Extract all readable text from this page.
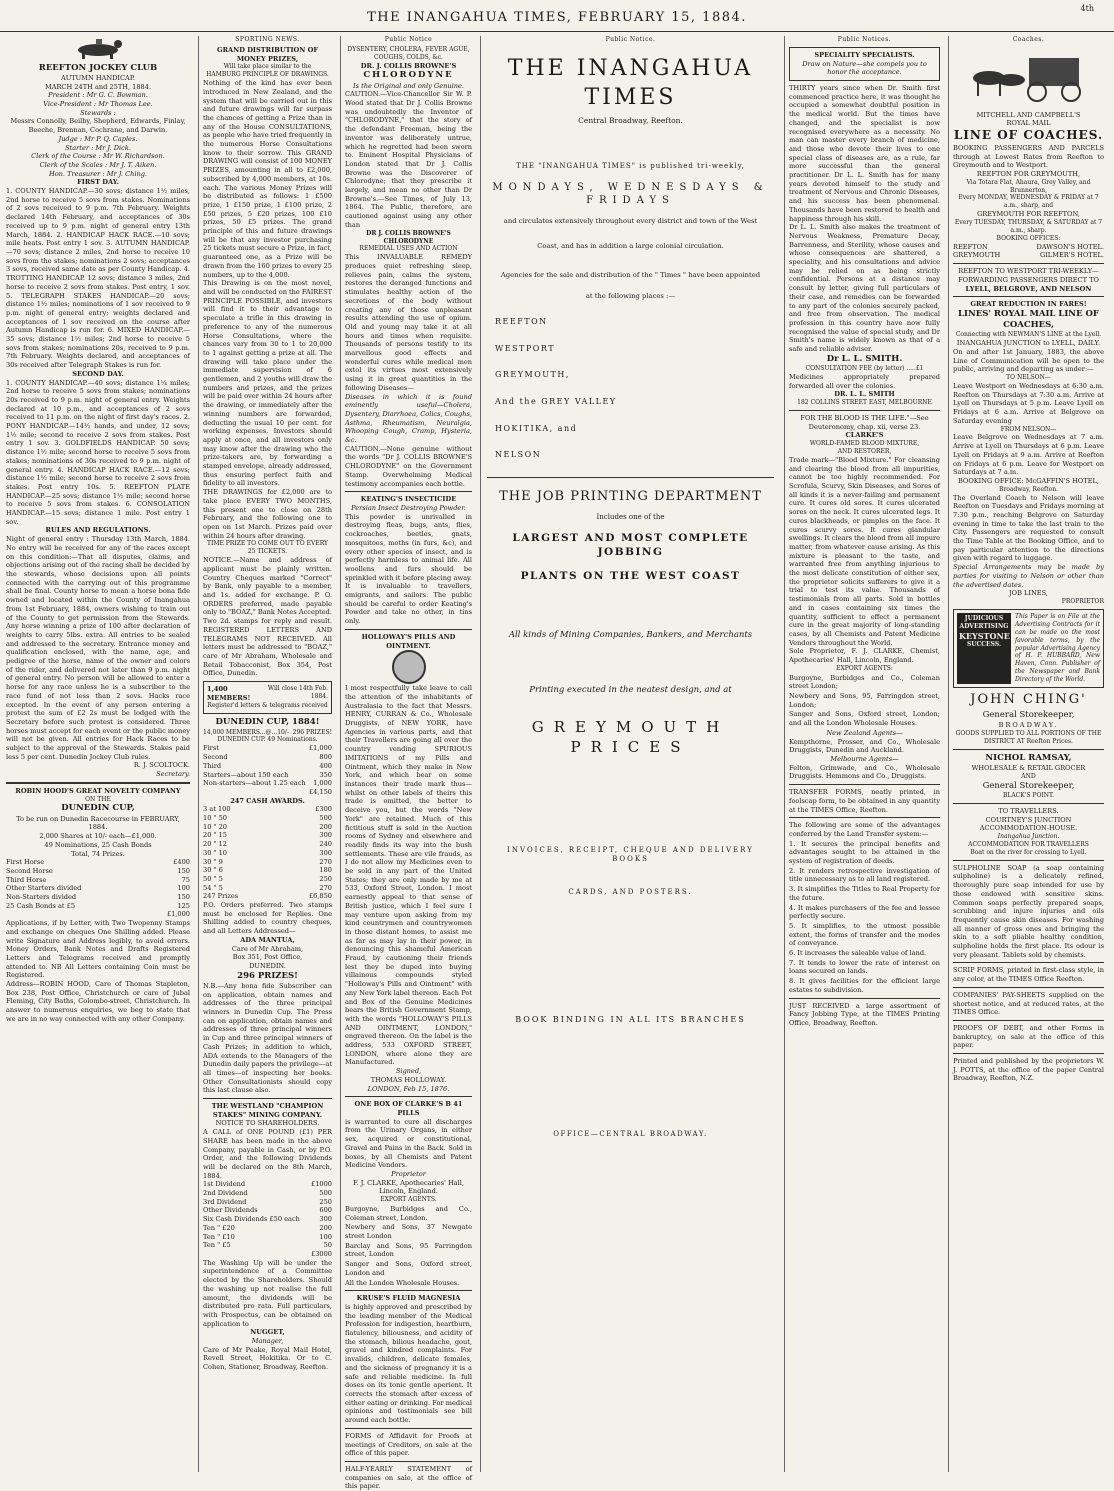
THE INANGAHUA TIMES, FEBRUARY 15, 1884.
4th
REEFTON JOCKEY CLUB
AUTUMN HANDICAP.
MARCH 24TH and 25TH, 1884.
President : Mr G. C. Bowman.
Vice-President : Mr Thomas Lee.
Stewards :
Messrs Connolly, Beilby, Shepherd, Edwards, Finlay, Beeche, Brennan, Cochrane, and Darwin.
Judge : Mr P. Q. Caples.
Starter : Mr J. Dick.
Clerk of the Course : Mr W. Richardson.
Clerk of the Scales : Mr J. T. Aiken.
Hon. Treasurer : Mr J. Ching.
FIRST DAY.
1. COUNTY HANDICAP.—30 sovs; distance 1½ miles, 2nd horse to receive 5 sovs from stakes. Nominations of 2 sovs received to 9 p.m. 7th February. Weights declared 14th February, and acceptances of 30s received up to 9 p.m. night of general entry 13th March, 1884. 2. HANDICAP HACK RACE.—10 sovs; mile heats. Post entry 1 sov. 3. AUTUMN HANDICAP.—70 sovs; distance 2 miles, 2nd horse to receive 10 sovs from the stakes; nominations 2 sovs; acceptances 3 sovs, received same date as per County Handicap. 4. TROTTING HANDICAP. 12 sovs; distance 3 miles, 2nd horse to receive 2 sovs from stakes. Post entry, 1 sov. 5. TELEGRAPH STAKES HANDICAP.—20 sovs; distance 1½ miles; nominations of 1 sov received to 9 p.m. night of general entry; weights declared and acceptances of 1 sov received on the course after Autumn Handicap is run for. 6. MIXED HANDICAP.—35 sovs; distance 1½ miles; 2nd horse to receive 5 sovs from stakes; nominations 20s, received to 9 p.m. 7th February. Weights declared, and acceptances of 30s received after Telegraph Stakes is run for.
SECOND DAY.
1. COUNTY HANDICAP.—40 sovs; distance 1¼ miles; 2nd horse to receive 5 sovs from stakes; nominations 20s received to 9 p.m. night of general entry. Weights declared at 10 p.m., and acceptances of 2 sovs received to 11 p.m. on the night of first day's races. 2. PONY HANDICAP.—14½ hands, and under, 12 sovs; 1½ mile; second to receive 2 sovs from stakes. Post entry 1 sov. 3. GOLDFIELDS HANDICAP. 50 sovs; distance 1½ mile; second horse to receive 5 sovs from stakes; nominations of 30s received to 9 p.m. night of general entry. 4. HANDICAP HACK RACE.—12 sovs; distance 1½ mile; second horse to receive 2 sovs from stakes. Post entry 10s. 5. REEFTON PLATE HANDICAP.—25 sovs; distance 1½ mile; second horse to receive 5 sovs from stakes. 6. CONSOLATION HANDICAP.—15 sovs; distance 1 mile. Post entry 1 sov.
RULES AND REGULATIONS.
Night of general entry : Thursday 13th March, 1884. No entry will be received for any of the races except on this condition:—That all disputes, claims, and objections arising out of the racing shall be decided by the stewards, whose decisions upon all points connected with the carrying out of this programme shall be final. County horse to mean a horse bona fide owned and located within the County of Inangahua from 1st February, 1884, owners wishing to train out of the County to get permission from the Stewards. Any horse winning a prize of 100 after declaration of weights to carry 5lbs. extra. All entries to be sealed and addressed to the secretary. Entrance money and qualification enclosed, with the name, age, and pedigree of the horse, name of the owner and colors of the rider, and delivered not later than 9 p.m. night of general entry. No person will be allowed to enter a horse for any race unless he is a subscriber to the race fund of not less than 2 sovs. Hacks race excepted. In the event of any person entering a protest the sum of £2 2s must be lodged with the Secretary before such protest is considered. Three horses must accept for each event or the public money will not be given. All entries for Hack Races to be subject to the approval of the Stewards. Stakes paid less 5 per cent. Dunedin Jockey Club rules.
R. J. SCOLTOCK.
Secretary.
ROBIN HOOD'S GREAT NOVELTY COMPANY
ON THE
DUNEDIN CUP,
To be run on Dunedin Racecourse in FEBRUARY, 1884.
2,000 Shares at 10/- each—£1,000.
49 Nominations, 25 Cash Bonds
Total, 74 Prizes.
First Horse	£400
Second Horse	150
Third Horse	75
Other Starters divided	100
Non-Starters divided	150
25 Cash Bonds at £5	125
£1,000
Applications, if by Letter, with Two Twopenny Stamps and exchange on cheques One Shilling added. Please write Signature and Address legibly, to avoid errors. Money Orders, Bank Notes and Drafts Registered Letters and Telegrams received and promptly attended to. NB All Letters containing Coin must be Registered.
Address—ROBIN HOOD, Care of Thomas Stapleton, Box 238, Post Office, Christchurch or care of Jubal Fleming, City Baths, Colombo-street, Christchurch. In answer to numerous enquiries, we beg to state that we are in no way connected with any other Company.
SPORTING NEWS.
GRAND DISTRIBUTION OF
MONEY PRIZES,
Will take place similar to the
HAMBURG PRINCIPLE OF DRAWINGS.
Nothing of the kind has ever been introduced in New Zealand, and the system that will be carried out in this and future drawings will far surpass the chances of getting a Prize than in any of the House CONSULTATIONS, as people who have tried frequently in the numerous Horse Consultations know to their sorrow. This GRAND DRAWING will consist of 100 MONEY PRIZES, amounting in all to £2,000, subscribed by 4,000 members, at 10s. each. The various Money Prizes will be distributed as follows: 1 £500 prize, 1 £150 prize, 1 £100 prize, 2 £50 prizes, 5 £20 prizes, 100 £10 prizes, 50 £5 prizes. The grand principle of this and future drawings will be that any investor purchasing 25 tickets must secure a Prize, in fact, guaranteed one, as a Prize will be drawn from the 160 prizes to every 25 numbers, up to the 4,000.
This Drawing is on the most novel, and will be conducted on the FAIREST PRINCIPLE POSSIBLE, and investors will find it to their advantage to speculate a trifle in this drawing in preference to any of the numerous Horse Consultations, where the chances vary from 30 to 1 to 20,000 to 1 against getting a prize at all. The drawing will take place under the immediate supervision of 6 gentlemen, and 2 youths will draw the numbers and prizes, and the prizes will be paid over within 24 hours after the drawing, or immediately after the winning numbers are forwarded, deducting the usual 10 per cent. for working expenses. Investors should apply at once, and all investors only may know after the drawing who the prize-takers are, by forwarding a stamped envelope, already addressed, thus ensuring perfect faith and fidelity to all investors.
THE DRAWINGS for £2,000 are to take place EVERY TWO MONTHS, this present one to close on 28th February, and the following one to open on 1st March. Prizes paid over within 24 hours after drawing.
TIME PRIZE TO COME OUT TO EVERY 25 TICKETS.
NOTICE.—Name and address of applicant must be plainly written. Country Cheques marked "Correct" by Bank, only payable to a member, and 1s. added for exchange. P. O. ORDERS preferred, made payable only to "BOAZ," Bank Notes Accepted. Two 2d. stamps for reply and result. REGISTERED LETTERS AND TELEGRAMS NOT RECEIVED. All letters must be addressed to "BOAZ," care of Mr Abraham, Wholesale and Retail Tobacconist, Box 354, Post Office, Dunedin.
1,400 MEMBERS!
Will close 14th Feb. 1884.
Register'd letters & telegrams received
DUNEDIN CUP, 1884!
14,000 MEMBERS...@...10/- 296 PRIZES!
DUNEDIN CUP. 49 Nominations.
First	£1,000
Second	800
Third	400
Starters—about 150 each	350
Non-starters—about 1.25 each 1,000
£4,150
247 CASH AWARDS.
3 at 100	£300
10 " 50	500
10 " 20	200
20 " 15	300
20 " 12	240
30 " 10	300
30 " 9	270
30 " 6	180
50 " 5	250
54 " 5	270
247 Prizes	£6,850
P.O. Orders preferred. Two stamps must be enclosed for Replies. One Shilling added to country cheques, and all Letters Addressed—
ADA MANTUA,
Care of Mr Abraham,
Box 351, Post Office,
DUNEDIN.
296 PRIZES!
N.B.—Any bona fide Subscriber can on application, obtain names and addresses of the three principal winners in Dunedin Cup. The Press can on application, obtain names and addresses of three principal winners in Cup and three principal winners of Cash Prizes; in addition to which, ADA extends to the Managers of the Dunedin daily papers the privilege—at all times—of inspecting her books. Other Consultationists should copy this last clause also.
THE WESTLAND "CHAMPION STAKES" MINING COMPANY.
NOTICE TO SHAREHOLDERS.
A CALL of ONE POUND (£1) PER SHARE has been made in the above Company, payable in Cash, or by P.O. Order, and the following Dividends will be declared on the 8th March, 1884.
1st Dividend	£1000
2nd Dividend	500
3rd Dividend	250
Other Dividends	600
Six Cash Dividends £50 each	300
Ten " £20	200
Ten " £10	100
Ten " £5	50
£3000
The Washing Up will be under the superintendence of a Committee elected by the Shareholders. Should the washing up not realise the full amount, the dividends will be distributed pro rata. Full particulars, with Prospectus, can be obtained on application to
NUGGET,
Manager,
Care of Mr Peake, Royal Mail Hotel, Revell Street, Hokitika. Or to C. Cohen, Stationer, Broadway, Reefton.
Public Notice
DYSENTERY, CHOLERA, FEVER AGUE, COUGHS, COLDS, &c.
DR. J. COLLIS BROWNE'S
CHLORODYNE
Is the Original and only Genuine.
CAUTION.—Vice-Chancellor Sir W. P. Wood stated that Dr J. Collis Browne was undoubtedly the Inventor of "CHLORODYNE," that the story of the defendant Freeman, being the inventor was deliberately untrue, which he regretted had been sworn to. Eminent Hospital Physicians of London stated that Dr J. Collis Browne was the Discoverer of Chlorodyne; that they prescribe it largely, and mean no other than Dr Browne's.—See Times, of July 13, 1864. The Public, therefore, are cautioned against using any other than
DR J. COLLIS BROWNE'S CHLORODYNE
REMEDIAL USES AND ACTION
This INVALUABLE REMEDY produces quiet refreshing sleep, relieves pain, calms the system, restores the deranged functions and stimulates healthy action of the secretions of the body without creating any of those unpleasant results attending the use of opium. Old and young may take it at all hours and times when requisite. Thousands of persons testify to its marvellous good effects and wonderful cures while medical men extol its virtues most extensively using it in great quantities in the following Diseases—
Diseases in which it is found eminently useful—Cholera, Dysentery, Diarrhoea, Colics, Coughs, Asthma, Rheumatism, Neuralgia, Whooping Cough, Cramp, Hysteria, &c.
CAUTION.—None genuine without the words "Dr J. COLLIS BROWNE'S CHLORODYNE" on the Government Stamp. Overwhelming Medical testimony accompanies each bottle.
KEATING'S INSECTICIDE
Persian Insect Destroying Powder.
This powder is unrivalled in destroying fleas, bugs, ants, flies, cockroaches, beetles, gnats, mosquitoes, moths (in furs, &c), and every other species of insect, and is perfectly harmless to animal life. All woollens and furs should be sprinkled with it before placing away. It is invaluable to travellers, emigrants, and sailors. The public should be careful to order Keating's Powder and take no other, in tins only.
HOLLOWAY'S PILLS AND OINTMENT.
I most respectfully take leave to call the attention of the inhabitants of Australasia to the fact that Messrs. HENRY, CURRAN & Co., Wholesale Druggists, of NEW YORK, have Agencies in various parts, and that their Travellers are going all over the country vending SPURIOUS IMITATIONS of my Pills and Ointment, which they make in New York, and which bear on some instances their trade mark thus—whilst on other labels of theirs this trade is omitted, the better to deceive you, but the words "New York" are retained. Much of this fictitious stuff is sold in the Auction rooms of Sydney and elsewhere and readily finds its way into the bush settlements. These are vile frauds, as I do not allow my Medicines even to be sold in any part of the United States; they are only made by me at 533, Oxford Street, London. I most earnestly appeal to that sense of British justice, which I feel sure I may venture upon asking from my kind countrymen and countrywomen in those distant homes, to assist me as far as may lay in their power, in denouncing this shameful American Fraud, by cautioning their friends lest they be duped into buying villainous compounds styled "Holloway's Pills and Ointment" with any New York label thereon. Each Pot and Box of the Genuine Medicines bears the British Government Stamp, with the words "HOLLOWAY'S PILLS AND OINTMENT, LONDON," engraved thereon. On the label is the address, 533 OXFORD STREET, LONDON, where alone they are Manufactured.
Signed,
THOMAS HOLLOWAY.
LONDON, Feb 15, 1876.
ONE BOX OF CLARKE'S B 41 PILLS
is warranted to cure all discharges from the Urinary Organs, in either sex, acquired or constitutional, Gravel and Pains in the Back. Sold in boxes, by all Chemists and Patent Medicine Vendors.
Proprietor
F. J. CLARKE, Apothecaries' Hall,
Lincoln, England.
EXPORT AGENTS.
Burgoyne, Burbidges and Co., Coleman street, London.
Newbery and Sons, 37 Newgate street London
Barclay and Sons, 95 Farringdon street, London
Sanger and Sons, Oxford street, London and
All the London Wholesale Houses.
KRUSE'S FLUID MAGNESIA
is highly approved and prescribed by the leading member of the Medical Profession for indigestion, heartburn, flatulency, biliousness, and acidity of the stomach, bilious headache, gout, gravel and kindred complaints. For invalids, children, delicate females, and the sickness of pregnancy it is a safe and reliable medicine. In full doses on its tonic gentle aperient. It corrects the stomach after excess of either eating or drinking. For medical opinions and testimonials see bill around each bottle.
FORMS of Affidavit for Proofs at meetings of Creditors, on sale at the office of this paper.
HALF-YEARLY STATEMENT of companies on sale, at the office of this paper.
Public Notice.
THE INANGAHUA TIMES
Central Broadway, Reefton.
THE "INANGAHUA TIMES" is published tri-weekly,
MONDAYS, WEDNESDAYS & FRIDAYS
and circulates extensively throughout every district and town of the West
Coast, and has in addition a large colonial circulation.
Agencies for the sale and distribution of the " Times " have been appointed
at the following places :—
REEFTON
WESTPORT
GREYMOUTH,
And the GREY VALLEY
HOKITIKA, and
NELSON
THE JOB PRINTING DEPARTMENT
Includes one of the
LARGEST AND MOST COMPLETE JOBBING
PLANTS ON THE WEST COAST
All kinds of Mining Companies, Bankers, and Merchants
Printing executed in the neatest design, and at
GREYMOUTH PRICES
INVOICES, RECEIPT, CHEQUE AND DELIVERY BOOKS
CARDS, AND POSTERS.
BOOK BINDING IN ALL ITS BRANCHES
OFFICE—CENTRAL BROADWAY.
Public Notices.
SPECIALITY SPECIALISTS.
Draw on Nature—she compels you to honor the acceptance.
THIRTY years since when Dr. Smith first commenced practice here, it was thought he occupied a somewhat doubtful position in the medical world. But the times have changed, and the specialist is now recognised everywhere as a necessity. No man can master every branch of medicine, and those who devote their lives to one special class of diseases are, as a rule, far more successful than the general practitioner. Dr L. L. Smith has for many years devoted himself to the study and treatment of Nervous and Chronic Diseases, and his success has been phenomenal. Thousands have been restored to health and happiness through his skill.
Dr L. L. Smith also makes the treatment of Nervous Weakness, Premature Decay, Barrenness, and Sterility, whose causes and whose consequences are shattered, a speciality, and his consultations and advice may be relied on as being strictly confidential. Persons at a distance may consult by letter, giving full particulars of their case, and remedies can be forwarded to any part of the colonies securely packed, and free from observation. The medical profession in this country have now fully recognised the value of special study, and Dr Smith's name is widely known as that of a safe and reliable adviser.
Dr L. L. SMITH.
CONSULTATION FEE (by letter) .....£1
Medicines appropriately prepared forwarded all over the colonies.
DR. L. L. SMITH
182 COLLINS STREET EAST, MELBOURNE
FOR THE BLOOD IS THE LIFE."—See Deuteronomy, chap. xii, verse 23.
CLARKE'S
WORLD-FAMED BLOOD MIXTURE,
AND RESTORER,
Trade mark—"Blood Mixture." For cleansing and clearing the blood from all impurities, cannot be too highly recommended. For Scrofula, Scurvy, Skin Diseases, and Sores of all kinds it is a never-failing and permanent cure. It cures old sores. It cures ulcerated sores on the neck. It cures ulcerated legs. It cures blackheads, or pimples on the face. It cures scurvy sores. It cures glandular swellings. It clears the blood from all impure matter, from whatever cause arising. As this mixture is pleasant to the taste, and warranted free from anything injurious to the most delicate constitution of either sex, the proprietor solicits sufferers to give it a trial to test its value. Thousands of testimonials from all parts. Sold in bottles and in cases containing six times the quantity, sufficient to effect a permanent cure in the great majority of long-standing cases, by all Chemists and Patent Medicine Vendors throughout the World.
Sole Proprietor, F. J. CLARKE, Chemist, Apothecaries' Hall, Lincoln, England.
EXPORT AGENTS:
Burgoyne, Burbidges and Co., Coleman street London;
Newbery and Sons, 95, Farringdon street, London;
Sanger and Sons, Oxford street, London; and all the London Wholesale Houses.
New Zealand Agents—
Kempthorne, Prosser, and Co., Wholesale Druggists, Dunedin and Auckland.
Melbourne Agents—
Felton, Grimwade, and Co., Wholesale Druggists. Hemmons and Co., Druggists.
TRANSFER FORMS, neatly printed, in foolscap form, to be obtained in any quantity at the TIMES Office, Reefton.
The following are some of the advantages conferred by the Land Transfer system:—
1. It secures the principal benefits and advantages sought to be attained in the system of registration of deeds.
2. It renders retrospective investigation of title unnecessary as to all land registered.
3. It simplifies the Titles to Real Property for the future.
4. It makes purchasers of the fee and lessee perfectly secure.
5. It simplifies, to the utmost possible extent, the forms of transfer and the modes of conveyance.
6. It increases the saleable value of land.
7. It tends to lower the rate of interest on loans secured on lands.
8. It gives facilities for the efficient large estates to subdivision.
JUST RECEIVED a large assortment of Fancy Jobbing Type, at the TIMES Printing Office, Broadway, Reefton.
Coaches.
MITCHELL AND CAMPBELL'S
ROYAL MAIL
LINE OF COACHES.
BOOKING PASSENGERS AND PARCELS through at Lowest Rates from Reefton to Greymouth and to Westport.
REEFTON FOR GREYMOUTH,
Via Totara Flat, Ahaura, Grey Valley, and Brunnerton,
Every MONDAY, WEDNESDAY & FRIDAY at 7 a.m., sharp, and
GREYMOUTH FOR REEFTON,
Every TUESDAY, THURSDAY, & SATURDAY at 7 a.m., sharp.
BOOKING OFFICES:
REEFTON	DAWSON'S HOTEL.
GREYMOUTH	GILMER'S HOTEL.
REEFTON TO WESTPORT TRI-WEEKLY—FORWARDING PASSENGERS DIRECT TO
LYELL, BELGROVE, AND NELSON
GREAT REDUCTION IN FARES!
LINES' ROYAL MAIL LINE OF COACHES,
Connecting with NEWMAN'S LINE at the Lyell.
INANGAHUA JUNCTION to LYELL, DAILY.
On and after 1st January, 1883, the above Line of Communication will be open to the public, arriving and departing as under:—
TO NELSON—
Leave Westport on Wednesdays at 6:30 a.m. Reefton on Thursdays at 7:30 a.m. Arrive at Lyell on Thursdays at 5 p.m. Leave Lyell on Fridays at 6 a.m. Arrive at Belgrove on Saturday evening
FROM NELSON—
Leave Belgrove on Wednesdays at 7 a.m. Arrive at Lyell on Thursdays at 6 p.m. Leave Lyell on Fridays at 9 a.m. Arrive at Reefton on Fridays at 6 p.m. Leave for Westport on Saturdays at 7 a.m.
BOOKING OFFICE: McGAFFIN'S HOTEL,
Broadway, Reefton.
The Overland Coach to Nelson will leave Reefton on Tuesdays and Fridays morning at 7:30 p.m., reaching Belgrove on Saturday evening in time to take the last train to the City. Passengers are requested to consult the Time Table at the Booking Office, and to pay particular attention to the directions given with regard to luggage.
Special Arrangements may be made by parties for visiting to Nelson or other than the advertised dates.
JOB LINES,
PROPRIETOR
JUDICIOUS ADVERTISING
KEYSTONE
SUCCESS.
This Paper is on File at the Advertising Contracts for it can be made on the most favorable terms, by the popular Advertising Agency of H. P. HUBBARD, New Haven, Conn. Publisher of the Newspaper and Bank Directory of the World.
JOHN CHING'
General Storekeeper,
BROADWAY.
GOODS SUPPLIED TO ALL PORTIONS OF THE DISTRICT AT Reefton Prices.
NICHOL RAMSAY,
WHOLESALE & RETAIL GROCER
AND
General Storekeeper,
BLACK'S POINT.
TO TRAVELLERS.
COURTNEY'S JUNCTION ACCOMMODATION-HOUSE.
Inangahua Junction.
ACCOMMODATION FOR TRAVELLERS
Boat on the river for crossing to Lyell.
SULPHOLINE SOAP (a soap containing sulpholine) is a delicately refined, thoroughly pure soap intended for use by those endowed with sensitive skins. Common soaps perfectly prepared soaps, scrubbing and injure injuries and oils frequently cause skin diseases. For washing all manner of gross ones and bringing the skin to a soft pliable healthy condition, sulpholine holds the first place. Its odour is very pleasant. Tablets sold by chemists.
SCRIP FORMS, printed in first-class style, in any color, at the TIMES Office Reefton.
COMPANIES' PAY-SHEETS supplied on the shortest notice, and at reduced rates, at the TIMES Office.
PROOFS OF DEBT, and other Forms in bankruptcy, on sale at the office of this paper.
Printed and published by the proprietors W. J. POTTS, at the office of the paper Central Broadway, Reefton, N.Z.
